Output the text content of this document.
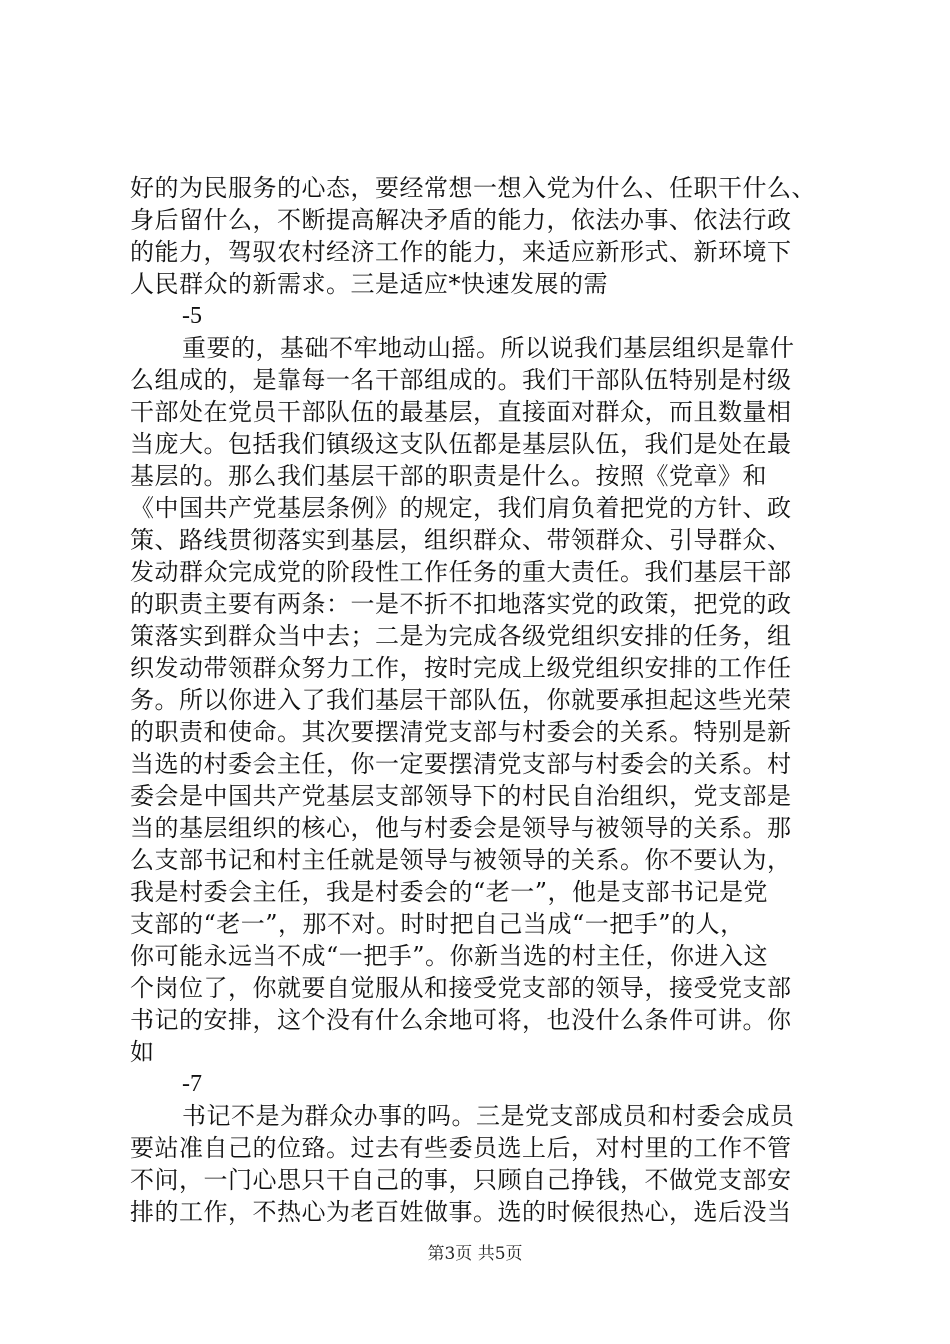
好的为民服务的心态，要经常想一想入党为什么、任职干什么、
身后留什么，不断提高解决矛盾的能力，依法办事、依法行政
的能力，驾驭农村经济工作的能力，来适应新形式、新环境下
人民群众的新需求。三是适应*快速发展的需
-5
重要的，基础不牢地动山摇。所以说我们基层组织是靠什
么组成的，是靠每一名干部组成的。我们干部队伍特别是村级
干部处在党员干部队伍的最基层，直接面对群众，而且数量相
当庞大。包括我们镇级这支队伍都是基层队伍，我们是处在最
基层的。那么我们基层干部的职责是什么。按照《党章》和
《中国共产党基层条例》的规定，我们肩负着把党的方针、政
策、路线贯彻落实到基层，组织群众、带领群众、引导群众、
发动群众完成党的阶段性工作任务的重大责任。我们基层干部
的职责主要有两条：一是不折不扣地落实党的政策，把党的政
策落实到群众当中去；二是为完成各级党组织安排的任务，组
织发动带领群众努力工作，按时完成上级党组织安排的工作任
务。所以你进入了我们基层干部队伍，你就要承担起这些光荣
的职责和使命。其次要摆清党支部与村委会的关系。特别是新
当选的村委会主任，你一定要摆清党支部与村委会的关系。村
委会是中国共产党基层支部领导下的村民自治组织，党支部是
当的基层组织的核心，他与村委会是领导与被领导的关系。那
么支部书记和村主任就是领导与被领导的关系。你不要认为，
我是村委会主任，我是村委会的“老一”，他是支部书记是党
支部的“老一”，那不对。时时把自己当成“一把手”的人，
你可能永远当不成“一把手”。你新当选的村主任，你进入这
个岗位了，你就要自觉服从和接受党支部的领导，接受党支部
书记的安排，这个没有什么余地可将，也没什么条件可讲。你
如
-7
书记不是为群众办事的吗。三是党支部成员和村委会成员
要站准自己的位臵。过去有些委员选上后，对村里的工作不管
不问，一门心思只干自己的事，只顾自己挣钱，不做党支部安
排的工作，不热心为老百姓做事。选的时候很热心，选后没当
第3页 共5页
